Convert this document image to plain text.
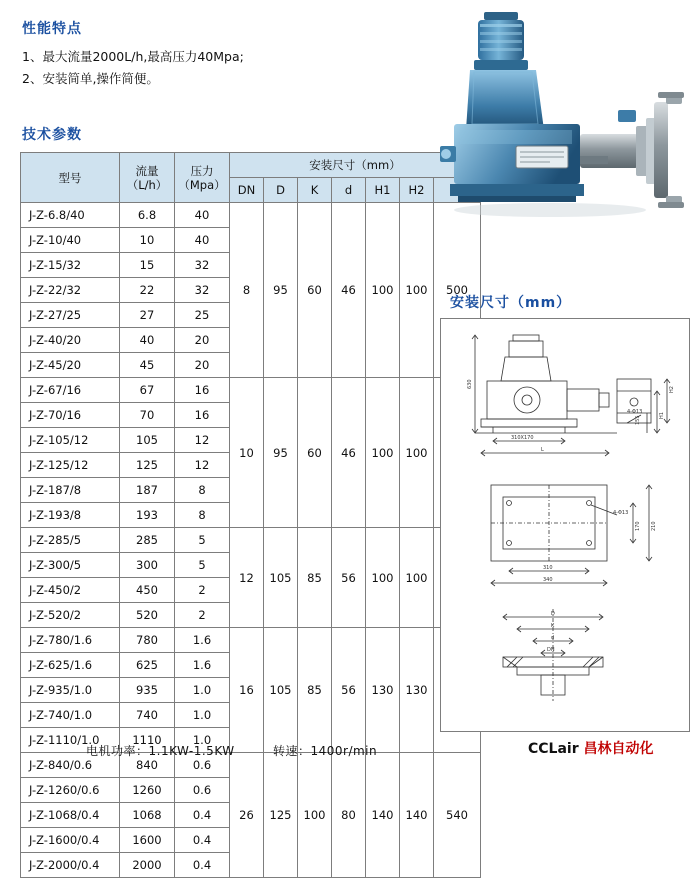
性能特点
1、最大流量2000L/h,最高压力40Mpa;
2、安装简单,操作简便。
技术参数
型号	流量
（L/h）

压力
（Mpa）
	安装尺寸（mm）
			DN	D	K	d	H1	H2	
J-Z-6.8/40	6.8	40	8	95	60	46	100	100	500
J-Z-10/40	10	40							
J-Z-15/32	15	32							
J-Z-22/32	22	32							
J-Z-27/25	27	25							
J-Z-40/20	40	20							
J-Z-45/20	45	20							
J-Z-67/16	67	16	10	95	60	46	100	100	
J-Z-70/16	70	16							
J-Z-105/12	105	12							
J-Z-125/12	125	12							
J-Z-187/8	187	8							
J-Z-193/8	193	8							
J-Z-285/5	285	5	12	105	85	56	100	100	
J-Z-300/5	300	5							
J-Z-450/2	450	2							
J-Z-520/2	520	2							
J-Z-780/1.6	780	1.6	16	105	85	56	130	130	
J-Z-625/1.6	625	1.6							
J-Z-935/1.0	935	1.0							
J-Z-740/1.0	740	1.0							
J-Z-1110/1.0	1110	1.0							
J-Z-840/0.6	840	0.6	26	125	100	80	140	140	540
J-Z-1260/0.6	1260	0.6							
J-Z-1068/0.4	1068	0.4							
J-Z-1600/0.4	1600	0.4							
J-Z-2000/0.4	2000	0.4							
电机功率：1.1KW-1.5KW	转速：1400r/min
安装尺寸（mm）
630
H2
H1
155
4-Φ13
310X170
L
4-Φ13
170 210
310
340
D
K
d
DN
CCLair 昌林自动化
